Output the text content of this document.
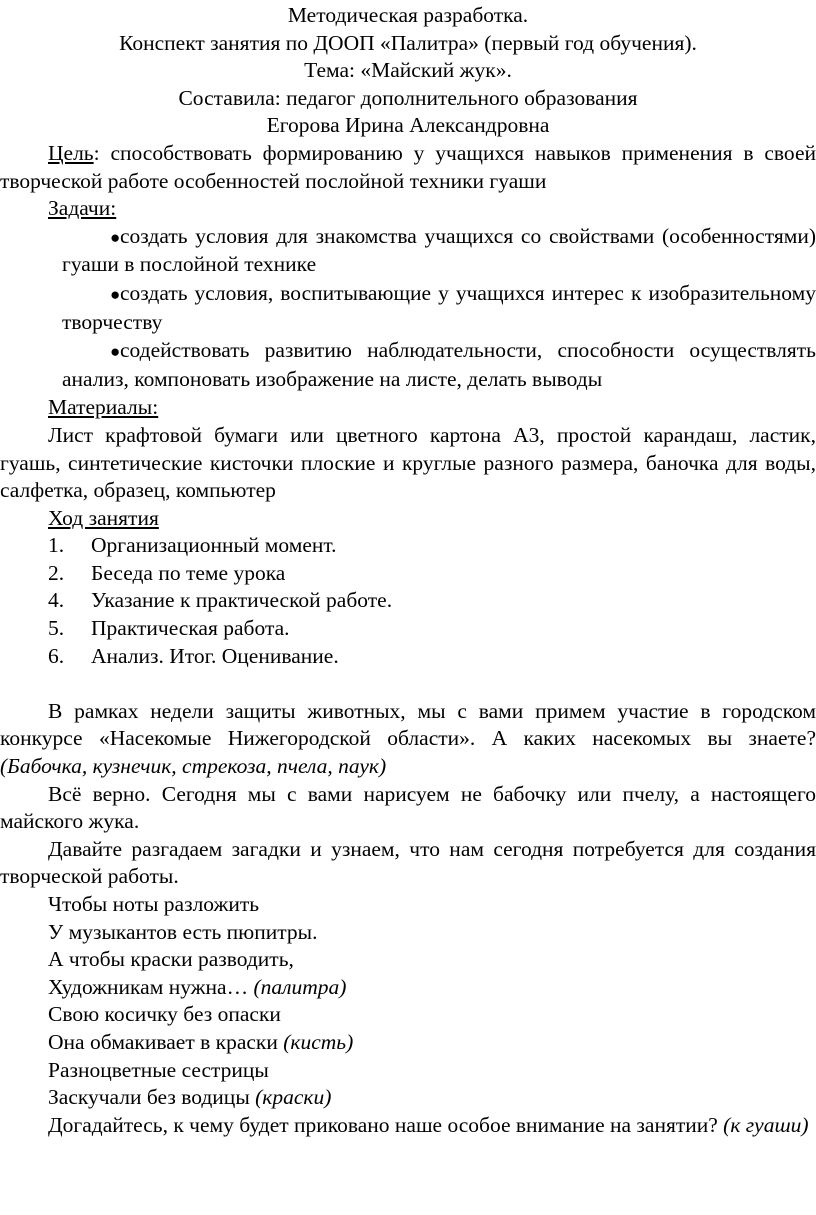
Методическая разработка.

Конспект занятия по ДООП «Палитра» (первый год обучения).

Тема: «Майский жук».

Составила: педагог дополнительного образования

Егорова Ирина Александровна

Цель: способствовать формированию у учащихся навыков применения в своей творческой работе особенностей послойной техники гуаши

Задачи:

●создать условия для знакомства учащихся со свойствами (особенностями) гуаши в послойной технике
●создать условия, воспитывающие у учащихся интерес к изобразительному творчеству
●содействовать развитию наблюдательности, способности осуществлять анализ, компоновать изображение на листе, делать выводы

Материалы:

Лист крафтовой бумаги или цветного картона А3, простой карандаш, ластик, гуашь, синтетические кисточки плоские и круглые разного размера, баночка для воды, салфетка, образец, компьютер

Ход занятия

1. Организационный момент.
2. Беседа по теме урока
4. Указание к практической работе.
5. Практическая работа.
6. Анализ. Итог. Оценивание.

В рамках недели защиты животных, мы с вами примем участие в городском конкурсе «Насекомые Нижегородской области». А каких насекомых вы знаете? (Бабочка, кузнечик, стрекоза, пчела, паук)

Всё верно. Сегодня мы с вами нарисуем не бабочку или пчелу, а настоящего майского жука.

Давайте разгадаем загадки и узнаем, что нам сегодня потребуется для создания творческой работы.

Чтобы ноты разложить

У музыкантов есть пюпитры.

А чтобы краски разводить,

Художникам нужна… (палитра)

Свою косичку без опаски

Она обмакивает в краски (кисть)

Разноцветные сестрицы

Заскучали без водицы (краски)

Догадайтесь, к чему будет приковано наше особое внимание на занятии? (к гуаши)
